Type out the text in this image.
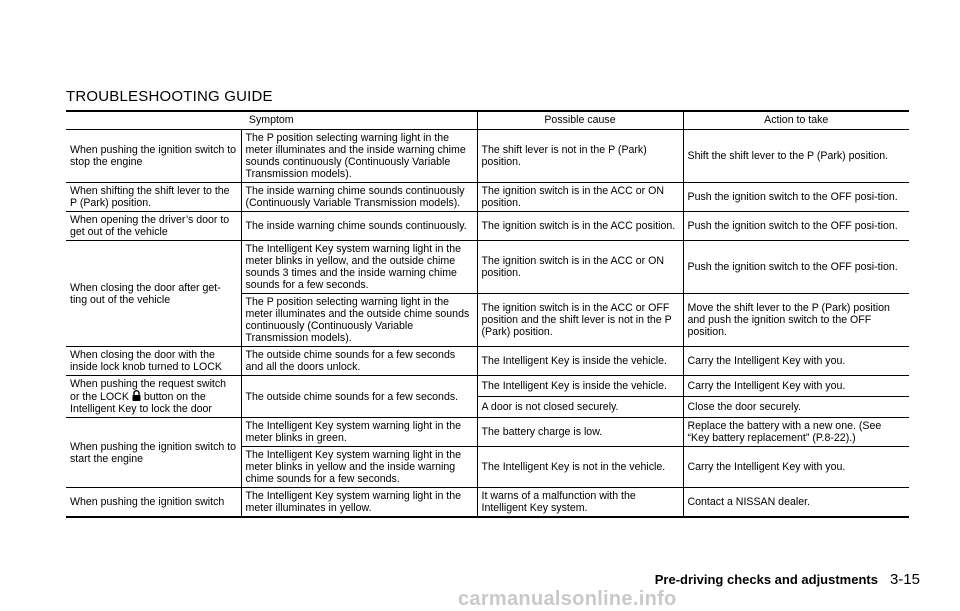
TROUBLESHOOTING GUIDE
Symptom		Possible cause	Action to take
When pushing the ignition switch to stop the engine	The P position selecting warning light in the meter illuminates and the inside warning chime sounds continuously (Continuously Variable Transmission models).	The shift lever is not in the P (Park) position.	Shift the shift lever to the P (Park) position.
When shifting the shift lever to the P (Park) position.	The inside warning chime sounds continuously (Continuously Variable Transmission models).	The ignition switch is in the ACC or ON position.	Push the ignition switch to the OFF posi-tion.
When opening the driver’s door to get out of the vehicle	The inside warning chime sounds continuously.	The ignition switch is in the ACC position.	Push the ignition switch to the OFF posi-tion.
When closing the door after get-ting out of the vehicle	The Intelligent Key system warning light in the meter blinks in yellow, and the outside chime sounds 3 times and the inside warning chime sounds for a few seconds.	The ignition switch is in the ACC or ON position.	Push the ignition switch to the OFF posi-tion.
	The P position selecting warning light in the meter illuminates and the outside chime sounds continuously (Continuously Variable Transmission models).	The ignition switch is in the ACC or OFF position and the shift lever is not in the P (Park) position.	Move the shift lever to the P (Park) position and push the ignition switch to the OFF position.
When closing the door with the inside lock knob turned to LOCK	The outside chime sounds for a few seconds and all the doors unlock.	The Intelligent Key is inside the vehicle.	Carry the Intelligent Key with you.
When pushing the request switch or the LOCK button on the Intelligent Key to lock the door	The outside chime sounds for a few seconds.	The Intelligent Key is inside the vehicle.	Carry the Intelligent Key with you.
		A door is not closed securely.	Close the door securely.
When pushing the ignition switch to start the engine	The Intelligent Key system warning light in the meter blinks in green.	The battery charge is low.	Replace the battery with a new one. (See “Key battery replacement” (P.8-22).)
	The Intelligent Key system warning light in the meter blinks in yellow and the inside warning chime sounds for a few seconds.	The Intelligent Key is not in the vehicle.	Carry the Intelligent Key with you.
When pushing the ignition switch	The Intelligent Key system warning light in the meter illuminates in yellow.	It warns of a malfunction with the Intelligent Key system.	Contact a NISSAN dealer.
Pre-driving checks and adjustments 3-15
carmanualsonline.info
